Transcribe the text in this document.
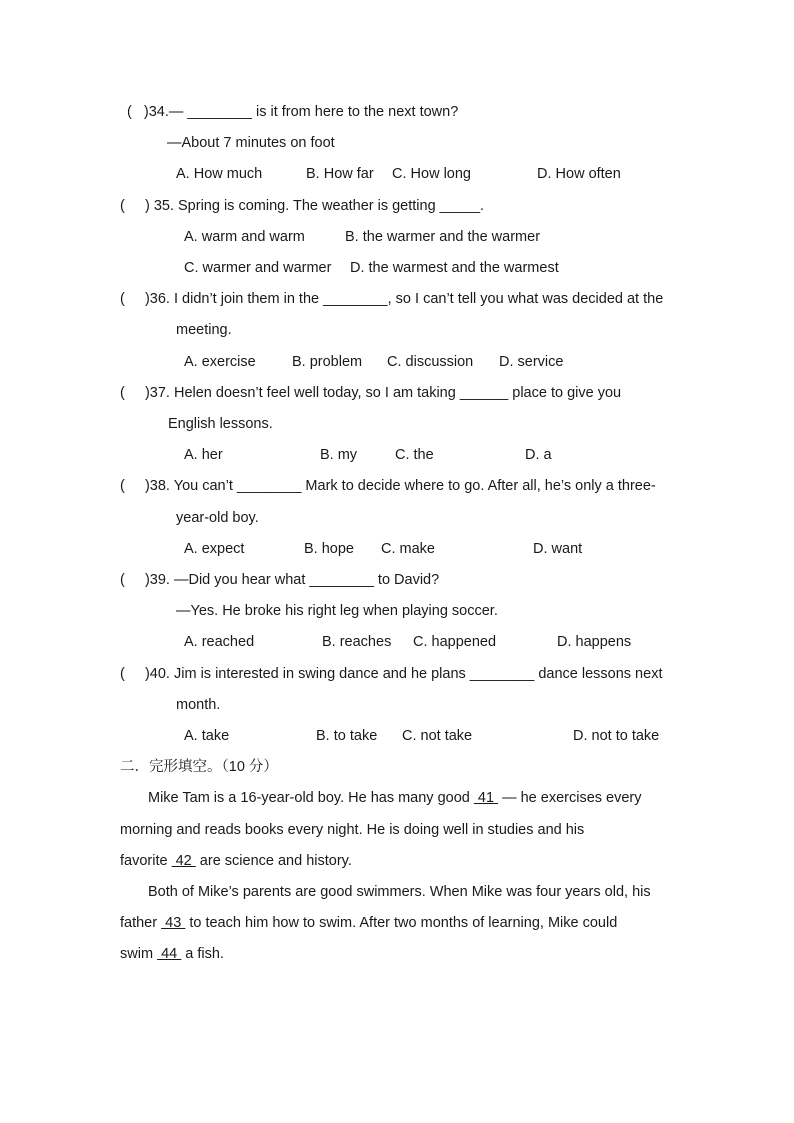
(   )34.— ________ is it from here to the next town?
—About 7 minutes on foot
A. How much	B. How far C. How long	D. How often
(     ) 35. Spring is coming. The weather is getting _____.
A. warm and warm	B. the warmer and the warmer
C. warmer and warmer D. the warmest and the warmest
(     )36. I didn’t join them in the ________, so I can’t tell you what was decided at the
meeting.
A. exercise	B. problem C. discussion D. service
(     )37. Helen doesn’t feel well today, so I am taking ______ place to give you
English lessons.
A. her	B. my	C. the	D. a
(     )38. You can’t ________ Mark to decide where to go. After all, he’s only a three-
year-old boy.
A. expect	B. hope C. make	D. want
(     )39. —Did you hear what ________ to David?
—Yes. He broke his right leg when playing soccer.
A. reached	B. reaches C. happened	D. happens
(     )40. Jim is interested in swing dance and he plans ________ dance lessons next
month.
A. take	B. to take C. not take	D. not to take
二．完形填空。（10 分）
Mike Tam is a 16-year-old boy. He has many good  41  — he exercises every
morning and reads books every night. He is doing well in studies and his
favorite  42  are science and history.
Both of Mike’s parents are good swimmers. When Mike was four years old, his
father  43  to teach him how to swim. After two months of learning, Mike could
swim  44  a fish.
